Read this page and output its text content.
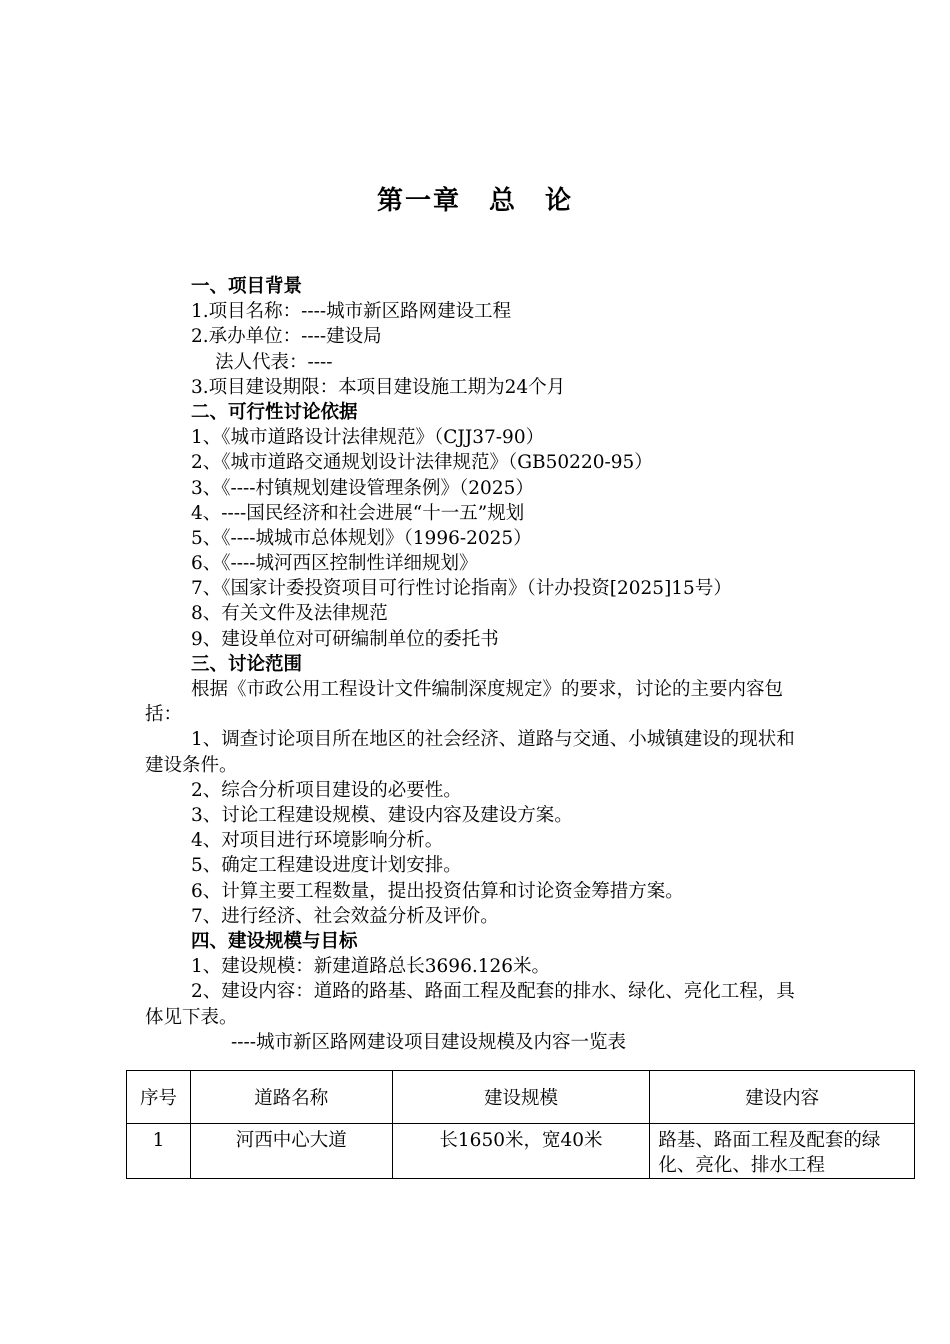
第一章　总　论
一、项目背景
1.项目名称：----城市新区路网建设工程
2.承办单位：----建设局
法人代表：----
3.项目建设期限：本项目建设施工期为24个月
二、可行性讨论依据
1、《城市道路设计法律规范》（CJJ37-90）
2、《城市道路交通规划设计法律规范》（GB50220-95）
3、《----村镇规划建设管理条例》（2025）
4、----国民经济和社会进展“十一五”规划
5、《----城城市总体规划》（1996-2025）
6、《----城河西区控制性详细规划》
7、《国家计委投资项目可行性讨论指南》（计办投资[2025]15号）
8、有关文件及法律规范
9、建设单位对可研编制单位的委托书
三、讨论范围
根据《市政公用工程设计文件编制深度规定》的要求，讨论的主要内容包括：
1、调查讨论项目所在地区的社会经济、道路与交通、小城镇建设的现状和建设条件。
2、综合分析项目建设的必要性。
3、讨论工程建设规模、建设内容及建设方案。
4、对项目进行环境影响分析。
5、确定工程建设进度计划安排。
6、计算主要工程数量，提出投资估算和讨论资金筹措方案。
7、进行经济、社会效益分析及评价。
四、建设规模与目标
1、建设规模：新建道路总长3696.126米。
2、建设内容：道路的路基、路面工程及配套的排水、绿化、亮化工程，具体见下表。
----城市新区路网建设项目建设规模及内容一览表
序号	道路名称	建设规模	建设内容
1	河西中心大道	长1650米，宽40米	路基、路面工程及配套的绿化、亮化、排水工程
